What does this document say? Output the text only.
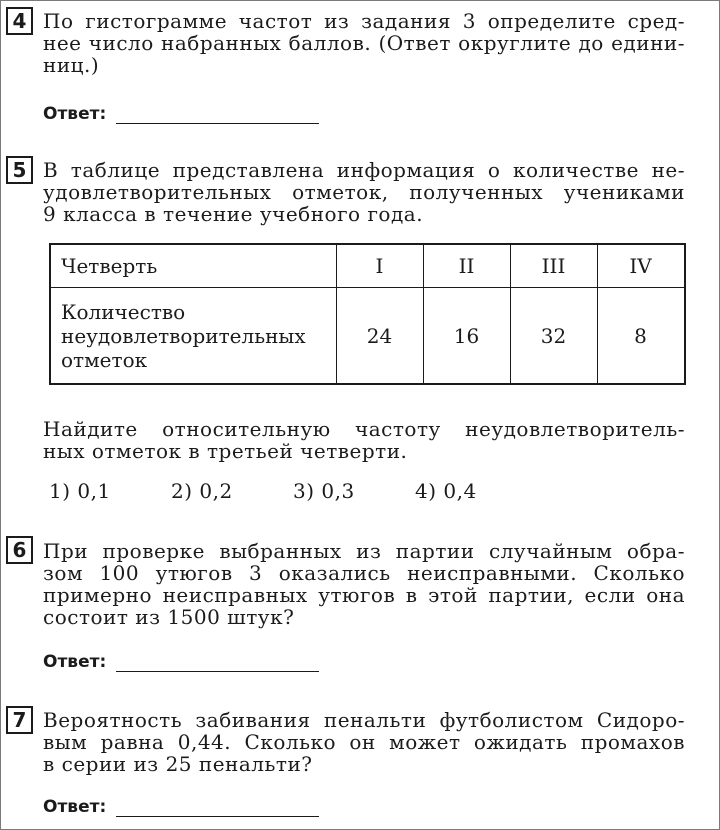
4 По гистограмме частот из задания 3 определите сред-
нее число набранных баллов. (Ответ округлите до едини-
ниц.)
Ответ:
5 В таблице представлена информация о количестве не-
удовлетворительных отметок, полученных учениками
9 класса в течение учебного года.
Четверть	I	II	III	IV

Количество
неудовлетворительных
отметок	24	16	32	8
Найдите относительную частоту неудовлетворитель-
ных отметок в третьей четверти.
1) 0,1	2) 0,2	3) 0,3	4) 0,4
6 При проверке выбранных из партии случайным обра-
зом 100 утюгов 3 оказались неисправными. Сколько
примерно неисправных утюгов в этой партии, если она
состоит из 1500 штук?
Ответ:
7 Вероятность забивания пенальти футболистом Сидоро-
вым равна 0,44. Сколько он может ожидать промахов
в серии из 25 пенальти?
Ответ:
